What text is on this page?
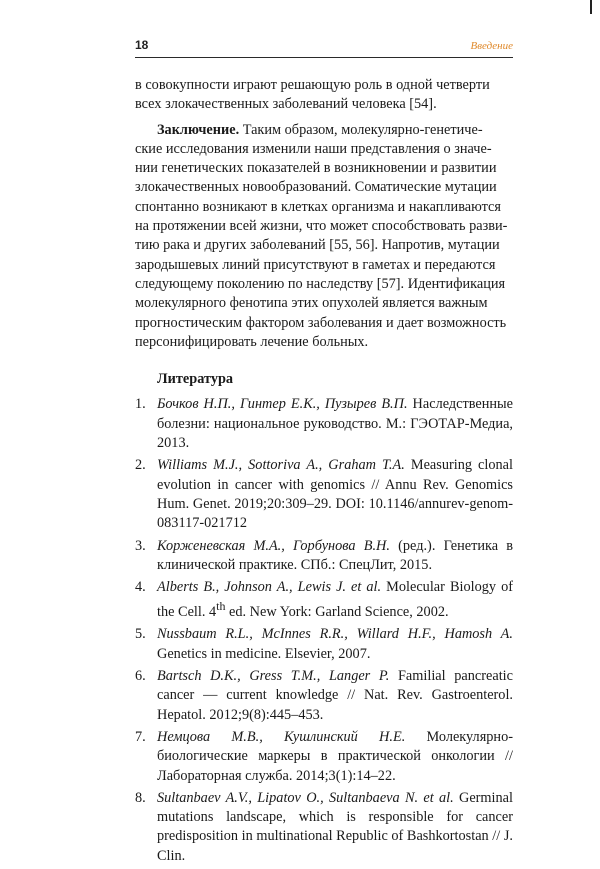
18	Введение

в совокупности играют решающую роль в одной четверти
всех злокачественных заболеваний человека [54].

Заключение. Таким образом, молекулярно-генетиче-
ские исследования изменили наши представления о значе-
нии генетических показателей в возникновении и развитии
злокачественных новообразований. Соматические мутации
спонтанно возникают в клетках организма и накапливаются
на протяжении всей жизни, что может способствовать разви-
тию рака и других заболеваний [55, 56]. Напротив, мутации
зародышевых линий присутствуют в гаметах и передаются
следующему поколению по наследству [57]. Идентификация
молекулярного фенотипа этих опухолей является важным
прогностическим фактором заболевания и дает возможность
персонифицировать лечение больных.

Литература
1. Бочков Н.П., Гинтер Е.К., Пузырев В.П. Наследственные болезни: национальное руководство. М.: ГЭОТАР-Медиа, 2013.
2. Williams M.J., Sottoriva A., Graham T.A. Measuring clonal evolution in cancer with genomics // Annu Rev. Genomics Hum. Genet. 2019;20:309–29. DOI: 10.1146/annurev-genom-083117-021712
3. Корженевская М.А., Горбунова В.Н. (ред.). Генетика в клинической практике. СПб.: СпецЛит, 2015.
4. Alberts B., Johnson A., Lewis J. et al. Molecular Biology of the Cell. 4th ed. New York: Garland Science, 2002.
5. Nussbaum R.L., McInnes R.R., Willard H.F., Hamosh A. Genetics in medicine. Elsevier, 2007.
6. Bartsch D.K., Gress T.M., Langer P. Familial pancreatic cancer — current knowledge // Nat. Rev. Gastroenterol. Hepatol. 2012;9(8):445–453.
7. Немцова М.В., Кушлинский Н.Е. Молекулярно-биологические маркеры в практической онкологии // Лабораторная служба. 2014;3(1):14–22.
8. Sultanbaev A.V., Lipatov O., Sultanbaeva N. et al. Germinal mutations landscape, which is responsible for cancer predisposition in multinational Republic of Bashkortostan // J. Clin.
